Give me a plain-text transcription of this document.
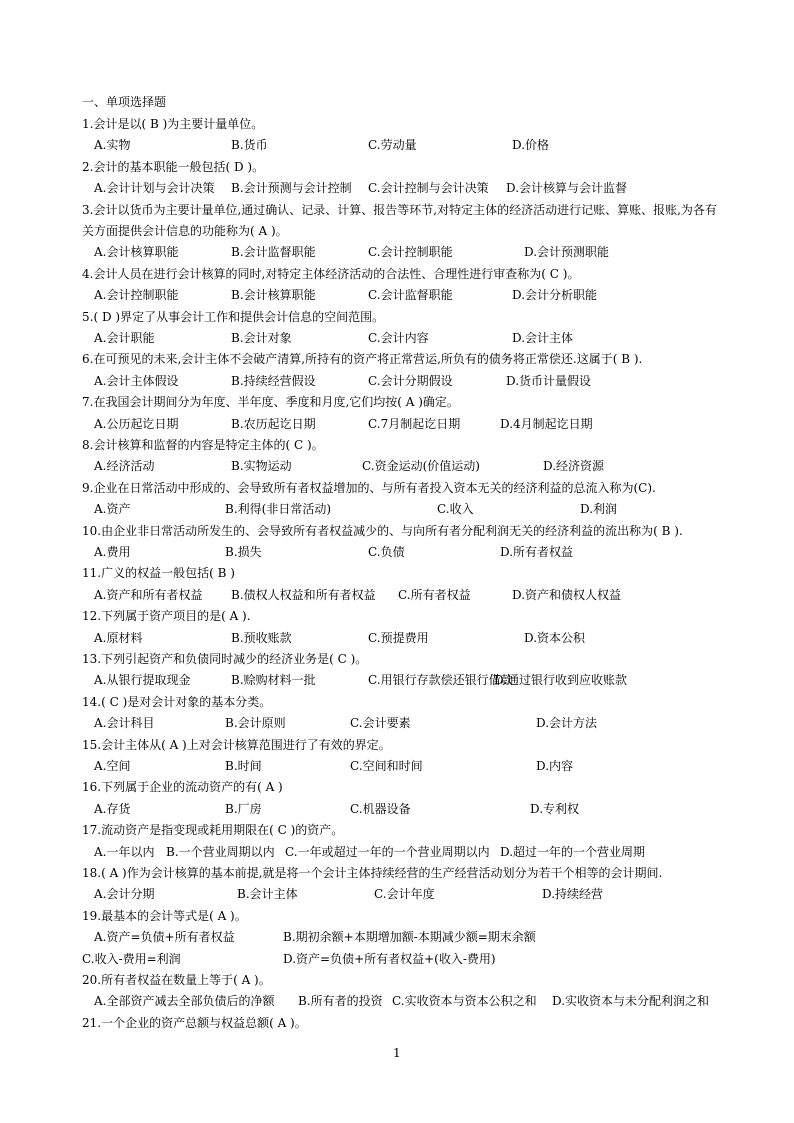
一、单项选择题
1.会计是以( B )为主要计量单位。
A.实物	B.货币	C.劳动量	D.价格
2.会计的基本职能一般包括( D )。
A.会计计划与会计决策 B.会计预测与会计控制 C.会计控制与会计决策 D.会计核算与会计监督
3.会计以货币为主要计量单位,通过确认、记录、计算、报告等环节,对特定主体的经济活动进行记账、算账、报账,为各有
关方面提供会计信息的功能称为( A )。
A.会计核算职能	B.会计监督职能	C.会计控制职能	D.会计预测职能
4.会计人员在进行会计核算的同时,对特定主体经济活动的合法性、合理性进行审查称为( C )。
A.会计控制职能	B.会计核算职能	C.会计监督职能	D.会计分析职能
5.( D )界定了从事会计工作和提供会计信息的空间范围。
A.会计职能	B.会计对象	C.会计内容	D.会计主体
6.在可预见的未来,会计主体不会破产清算,所持有的资产将正常营运,所负有的债务将正常偿还.这属于( B ).
A.会计主体假设	B.持续经营假设	C.会计分期假设	D.货币计量假设
7.在我国会计期间分为年度、半年度、季度和月度,它们均按( A )确定。
A.公历起讫日期	B.农历起讫日期	C.7月制起讫日期	D.4月制起讫日期
8.会计核算和监督的内容是特定主体的( C )。
A.经济活动	B.实物运动	C.资金运动(价值运动)	D.经济资源
9.企业在日常活动中形成的、会导致所有者权益增加的、与所有者投入资本无关的经济利益的总流入称为(C).
A.资产	B.利得(非日常活动)	C.收入	D.利润
10.由企业非日常活动所发生的、会导致所有者权益减少的、与向所有者分配利润无关的经济利益的流出称为( B ).
A.费用	B.损失	C.负债	D.所有者权益
11.广义的权益一般包括( B )
A.资产和所有者权益 B.债权人权益和所有者权益 C.所有者权益	D.资产和债权人权益
12.下列属于资产项目的是( A ).
A.原材料	B.预收账款	C.预提费用	D.资本公积
13.下列引起资产和负债同时减少的经济业务是( C )。
A.从银行提取现金	B.赊购材料一批	C.用银行存款偿还银行借款
D.通过银行收到应收账款
14.( C )是对会计对象的基本分类。
A.会计科目	B.会计原则	C.会计要素	D.会计方法
15.会计主体从( A )上对会计核算范围进行了有效的界定。
A.空间	B.时间	C.空间和时间	D.内容
16.下列属于企业的流动资产的有( A )
A.存货	B.厂房	C.机器设备	D.专利权
17.流动资产是指变现或耗用期限在( C )的资产。
A.一年以内 B.一个营业周期以内 C.一年或超过一年的一个营业周期以内 D.超过一年的一个营业周期
18.( A )作为会计核算的基本前提,就是将一个会计主体持续经营的生产经营活动划分为若干个相等的会计期间.
A.会计分期	B.会计主体	C.会计年度	D.持续经营
19.最基本的会计等式是( A )。
A.资产=负债+所有者权益	B.期初余额+本期增加额-本期减少额=期末余额
C.收入-费用=利润	D.资产=负债+所有者权益+(收入-费用)
20.所有者权益在数量上等于( A )。
A.全部资产减去全部负债后的净额 B.所有者的投资 C.实收资本与资本公积之和 D.实收资本与未分配利润之和
21.一个企业的资产总额与权益总额( A )。
1
